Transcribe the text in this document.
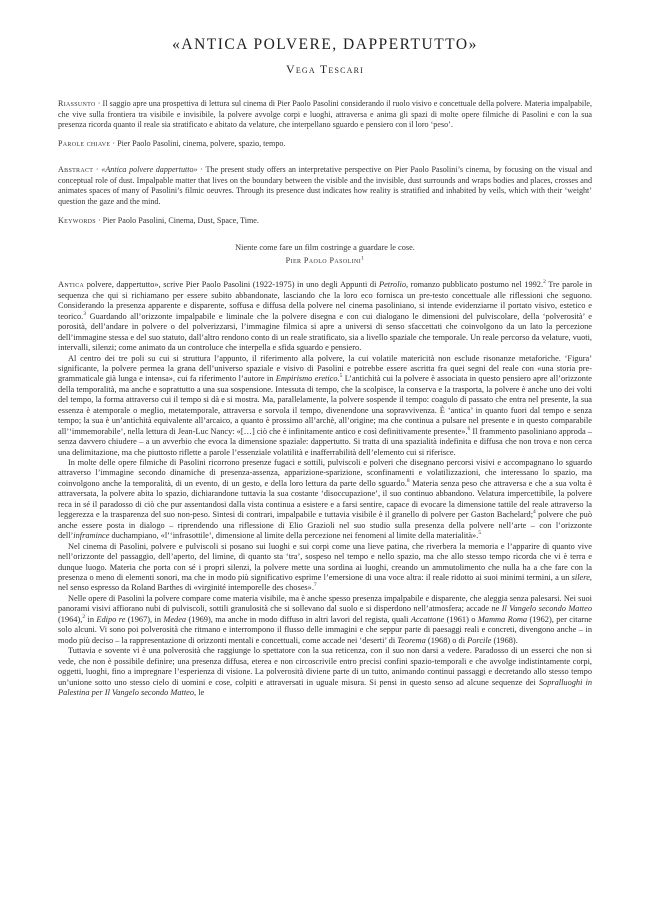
«ANTICA POLVERE, DAPPERTUTTO»
Vega Tescari

Riassunto · Il saggio apre una prospettiva di lettura sul cinema di Pier Paolo Pasolini considerando il ruolo visivo e concettuale della polvere. Materia impalpabile, che vive sulla frontiera tra visibile e invisibile, la polvere avvolge corpi e luoghi, attraversa e anima gli spazi di molte opere filmiche di Pasolini e con la sua presenza ricorda quanto il reale sia stratificato e abitato da velature, che interpellano sguardo e pensiero con il loro ‘peso’.

Parole chiave · Pier Paolo Pasolini, cinema, polvere, spazio, tempo.

Abstract · «Antica polvere dappertutto» · The present study offers an interpretative perspective on Pier Paolo Pasolini’s cinema, by focusing on the visual and conceptual role of dust. Impalpable matter that lives on the boundary between the visible and the invisible, dust surrounds and wraps bodies and places, crosses and animates spaces of many of Pasolini’s filmic oeuvres. Through its presence dust indicates how reality is stratified and inhabited by veils, which with their ‘weight’ question the gaze and the mind.

Keywords · Pier Paolo Pasolini, Cinema, Dust, Space, Time.

Niente come fare un film costringe a guardare le cose.

Pier Paolo Pasolini$^1$

Antica polvere, dappertutto», scrive Pier Paolo Pasolini (1922-1975) in uno degli Appunti di Petrolio, romanzo pubblicato postumo nel 1992.$^2$ Tre parole in sequenza che qui si richiamano per essere subito abbandonate, lasciando che la loro eco fornisca un pre-testo concettuale alle riflessioni che seguono. Considerando la presenza apparente e disparente, soffusa e diffusa della polvere nel cinema pasoliniano, si intende evidenziarne il portato visivo, estetico e teorico.$^3$ Guardando all’orizzonte impalpabile e liminale che la polvere disegna e con cui dialogano le dimensioni del pulviscolare, della ‘polverosità’ e porosità, dell’andare in polvere o del polverizzarsi, l’immagine filmica si apre a universi di senso sfaccettati che coinvolgono da un lato la percezione dell’immagine stessa e del suo statuto, dall’altro rendono conto di un reale stratificato, sia a livello spaziale che temporale. Un reale percorso da velature, vuoti, intervalli, silenzi; come animato da un controluce che interpella e sfida sguardo e pensiero.

Al centro dei tre poli su cui si struttura l’appunto, il riferimento alla polvere, la cui volatile matericità non esclude risonanze metaforiche. ‘Figura’ significante, la polvere permea la grana dell’universo spaziale e visivo di Pasolini e potrebbe essere ascritta fra quei segni del reale con «una storia pre-grammaticale già lunga e intensa», cui fa riferimento l’autore in Empirismo eretico.$^5$ L’antichità cui la polvere è associata in questo pensiero apre all’orizzonte della temporalità, ma anche e soprattutto a una sua sospensione. Intessuta di tempo, che la scolpisce, la conserva e la trasporta, la polvere è anche uno dei volti del tempo, la forma attraverso cui il tempo si dà e si mostra. Ma, parallelamente, la polvere sospende il tempo: coagulo di passato che entra nel presente, la sua essenza è atemporale o meglio, metatemporale, attraversa e sorvola il tempo, divenendone una sopravvivenza. È ‘antica’ in quanto fuori dal tempo e senza tempo; la sua è un’antichità equivalente all’arcaico, a quanto è prossimo all’archè, all’origine; ma che continua a pulsare nel presente e in questo comparabile all’‘immemorabile’, nella lettura di Jean-Luc Nancy: «[…] ciò che è infinitamente antico e così definitivamente presente».$^6$ Il frammento pasoliniano approda – senza davvero chiudere – a un avverbio che evoca la dimensione spaziale: dappertutto. Si tratta di una spazialità indefinita e diffusa che non trova e non cerca una delimitazione, ma che piuttosto riflette a parole l’essenziale volatilità e inafferrabilità dell’elemento cui si riferisce.

In molte delle opere filmiche di Pasolini ricorrono presenze fugaci e sottili, pulviscoli e polveri che disegnano percorsi visivi e accompagnano lo sguardo attraverso l’immagine secondo dinamiche di presenza-assenza, apparizione-sparizione, sconfinamenti e volatilizzazioni, che interessano lo spazio, ma coinvolgono anche la temporalità, di un evento, di un gesto, e della loro lettura da parte dello sguardo.$^8$ Materia senza peso che attraversa e che a sua volta è attraversata, la polvere abita lo spazio, dichiarandone tuttavia la sua costante ‘disoccupazione’, il suo continuo abbandono. Velatura impercettibile, la polvere reca in sé il paradosso di ciò che pur assentandosi dalla vista continua a esistere e a farsi sentire, capace di evocare la dimensione tattile del reale attraverso la leggerezza e la trasparenza del suo non-peso. Sintesi di contrari, impalpabile e tuttavia visibile è il granello di polvere per Gaston Bachelard;$^4$ polvere che può anche essere posta in dialogo – riprendendo una riflessione di Elio Grazioli nel suo studio sulla presenza della polvere nell’arte – con l’orizzonte dell’inframince duchampiano, «l’‘infrasottile’, dimensione al limite della percezione nei fenomeni al limite della materialità».$^5$

Nel cinema di Pasolini, polvere e pulviscoli si posano sui luoghi e sui corpi come una lieve patina, che riverbera la memoria e l’apparire di quanto vive nell’orizzonte del passaggio, dell’aperto, del limine, di quanto sta ‘tra’, sospeso nel tempo e nello spazio, ma che allo stesso tempo ricorda che vi è terra e dunque luogo. Materia che porta con sé i propri silenzi, la polvere mette una sordina ai luoghi, creando un ammutolimento che nulla ha a che fare con la presenza o meno di elementi sonori, ma che in modo più significativo esprime l’emersione di una voce altra: il reale ridotto ai suoi minimi termini, a un silere, nel senso espresso da Roland Barthes di «virginité intemporelle des choses».$^7$

Nelle opere di Pasolini la polvere compare come materia visibile, ma è anche spesso presenza impalpabile e disparente, che aleggia senza palesarsi. Nei suoi panorami visivi affiorano nubi di pulviscoli, sottili granulosità che si sollevano dal suolo e si disperdono nell’atmosfera; accade ne Il Vangelo secondo Matteo (1964),$^2$ in Edipo re (1967), in Medea (1969), ma anche in modo diffuso in altri lavori del regista, quali Accattone (1961) o Mamma Roma (1962), per citarne solo alcuni. Vi sono poi polverosità che ritmano e interrompono il flusso delle immagini e che seppur parte di paesaggi reali e concreti, divengono anche – in modo più deciso – la rappresentazione di orizzonti mentali e concettuali, come accade nei ‘deserti’ di Teorema (1968) o di Porcile (1968).

Tuttavia e sovente vi è una polverosità che raggiunge lo spettatore con la sua reticenza, con il suo non darsi a vedere. Paradosso di un esserci che non si vede, che non è possibile definire; una presenza diffusa, eterea e non circoscrivile entro precisi confini spazio-temporali e che avvolge indistintamente corpi, oggetti, luoghi, fino a impregnare l’esperienza di visione. La polverosità diviene parte di un tutto, animando continui passaggi e decretando allo stesso tempo un’unione sotto uno stesso cielo di uomini e cose, colpiti e attraversati in uguale misura. Si pensi in questo senso ad alcune sequenze dei Sopralluoghi in Palestina per Il Vangelo secondo Matteo, le
